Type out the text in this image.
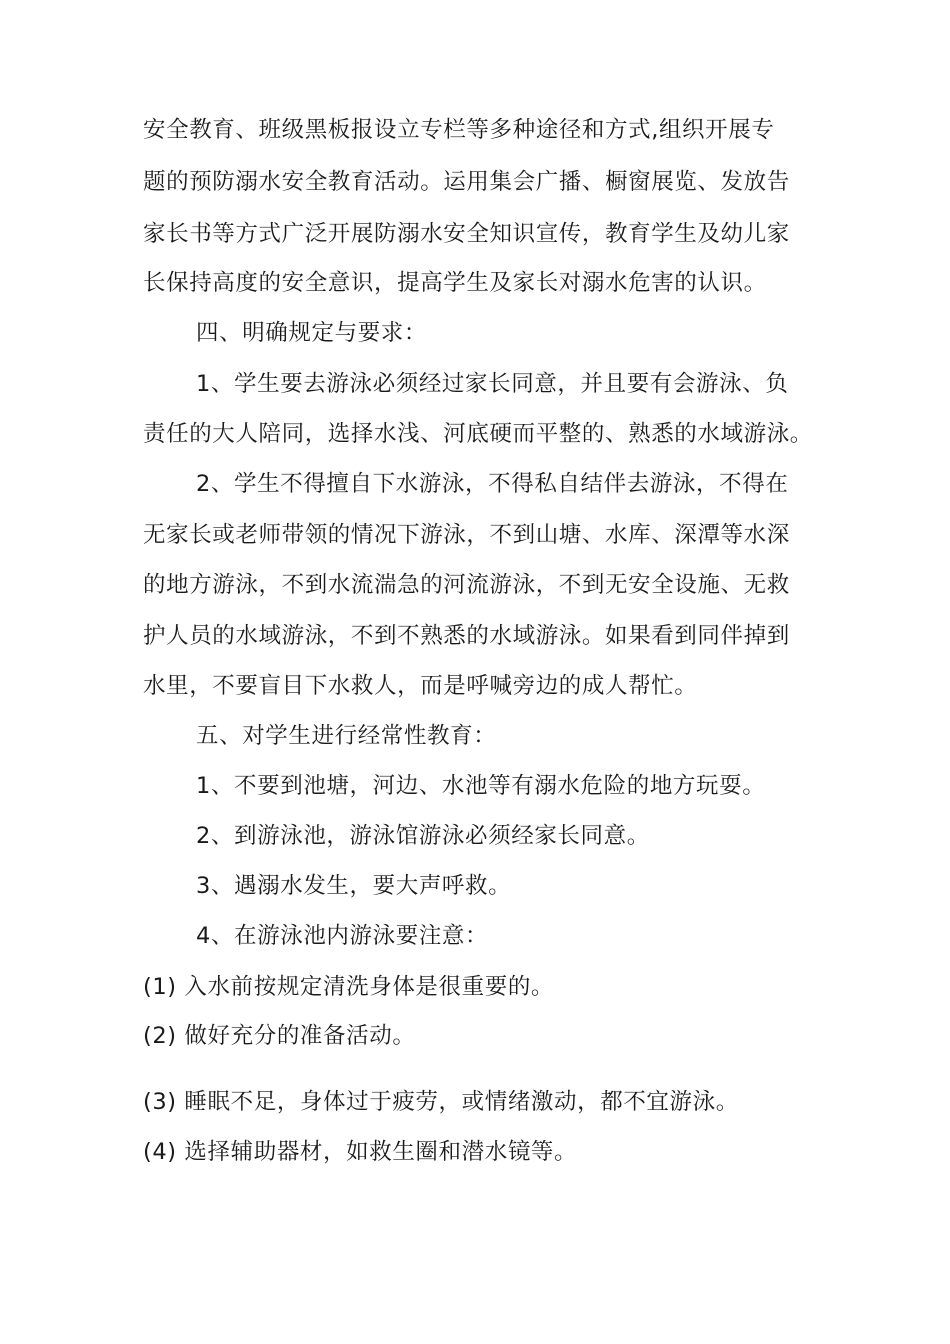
安全教育、班级黑板报设立专栏等多种途径和方式,组织开展专
题的预防溺水安全教育活动。运用集会广播、橱窗展览、发放告
家长书等方式广泛开展防溺水安全知识宣传，教育学生及幼儿家
长保持高度的安全意识，提高学生及家长对溺水危害的认识。
四、明确规定与要求：
1、学生要去游泳必须经过家长同意，并且要有会游泳、负
责任的大人陪同，选择水浅、河底硬而平整的、熟悉的水域游泳。
2、学生不得擅自下水游泳，不得私自结伴去游泳，不得在
无家长或老师带领的情况下游泳，不到山塘、水库、深潭等水深
的地方游泳，不到水流湍急的河流游泳，不到无安全设施、无救
护人员的水域游泳，不到不熟悉的水域游泳。如果看到同伴掉到
水里，不要盲目下水救人，而是呼喊旁边的成人帮忙。
五、对学生进行经常性教育：
1、不要到池塘，河边、水池等有溺水危险的地方玩耍。
2、到游泳池，游泳馆游泳必须经家长同意。
3、遇溺水发生，要大声呼救。
4、在游泳池内游泳要注意：
(1) 入水前按规定清洗身体是很重要的。
(2) 做好充分的准备活动。
(3) 睡眠不足，身体过于疲劳，或情绪激动，都不宜游泳。
(4) 选择辅助器材，如救生圈和潜水镜等。
